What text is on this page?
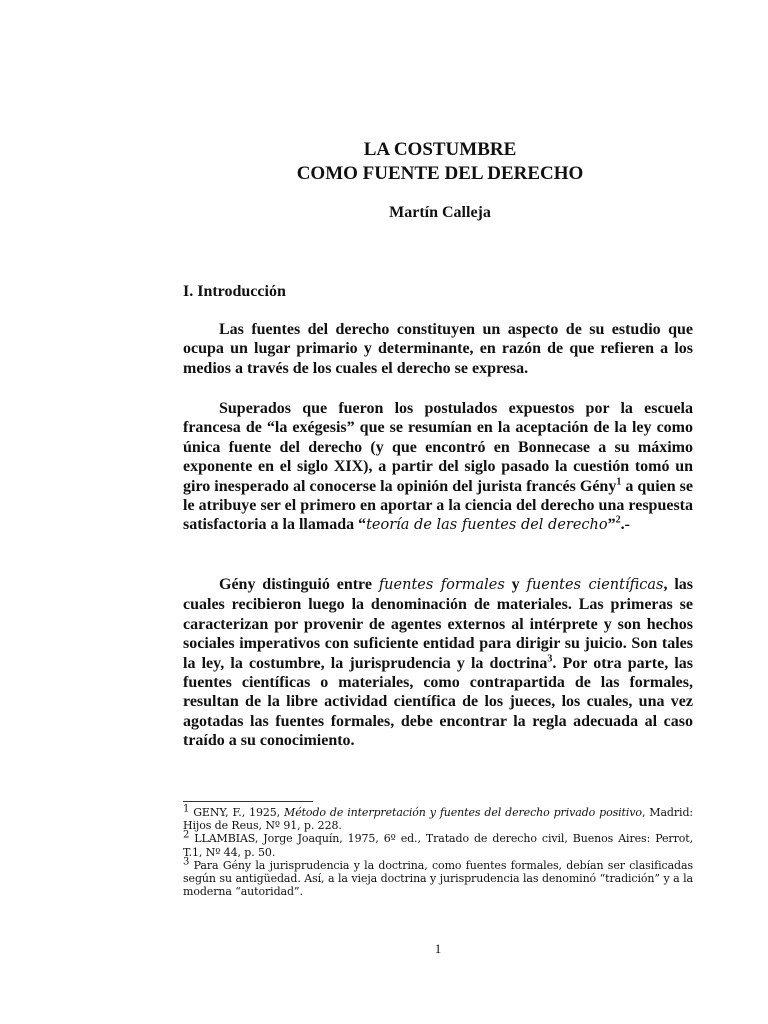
LA COSTUMBRE
COMO FUENTE DEL DERECHO
Martín Calleja
I. Introducción

Las fuentes del derecho constituyen un aspecto de su estudio que ocupa un lugar primario y determinante, en razón de que refieren a los medios a través de los cuales el derecho se expresa.

Superados que fueron los postulados expuestos por la escuela francesa de “la exégesis” que se resumían en la aceptación de la ley como única fuente del derecho (y que encontró en Bonnecase a su máximo exponente en el siglo XIX), a partir del siglo pasado la cuestión tomó un giro inesperado al conocerse la opinión del jurista francés Gény$^1$ a quien se le atribuye ser el primero en aportar a la ciencia del derecho una respuesta satisfactoria a la llamada “teoría de las fuentes del derecho”$^2$.-

Gény distinguió entre fuentes formales y fuentes científicas, las cuales recibieron luego la denominación de materiales. Las primeras se caracterizan por provenir de agentes externos al intérprete y son hechos sociales imperativos con suficiente entidad para dirigir su juicio. Son tales la ley, la costumbre, la jurisprudencia y la doctrina$^3$. Por otra parte, las fuentes científicas o materiales, como contrapartida de las formales, resultan de la libre actividad científica de los jueces, los cuales, una vez agotadas las fuentes formales, debe encontrar la regla adecuada al caso traído a su conocimiento.

$^1$ GENY, F., 1925, Método de interpretación y fuentes del derecho privado positivo, Madrid: Hijos de Reus, Nº 91, p. 228.

$^2$ LLAMBIAS, Jorge Joaquín, 1975, 6º ed., Tratado de derecho civil, Buenos Aires: Perrot, T.1, Nº 44, p. 50.

$^3$ Para Gény la jurisprudencia y la doctrina, como fuentes formales, debían ser clasificadas según su antigüedad. Así, a la vieja doctrina y jurisprudencia las denominó “tradición” y a la moderna “autoridad”.

1
